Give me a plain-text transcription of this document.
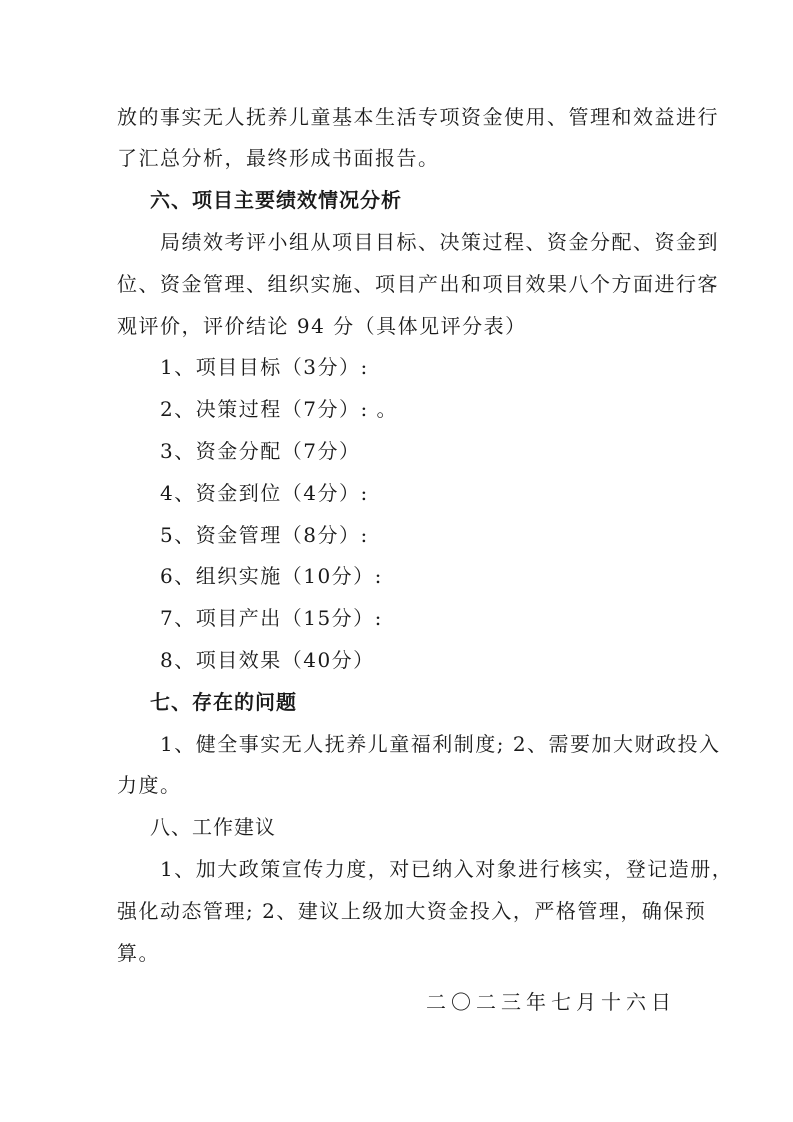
放的事实无人抚养儿童基本生活专项资金使用、管理和效益进行
了汇总分析，最终形成书面报告。
六、项目主要绩效情况分析
局绩效考评小组从项目目标、决策过程、资金分配、资金到
位、资金管理、组织实施、项目产出和项目效果八个方面进行客
观评价，评价结论 94 分（具体见评分表）
1、项目目标（3分）:
2、决策过程（7分）: 。
3、资金分配（7分）
4、资金到位（4分）:
5、资金管理（8分）:
6、组织实施（10分）:
7、项目产出（15分）:
8、项目效果（40分）
七、存在的问题
1、健全事实无人抚养儿童福利制度; 2、需要加大财政投入
力度。
八、工作建议
1、加大政策宣传力度，对已纳入对象进行核实，登记造册，
强化动态管理; 2、建议上级加大资金投入，严格管理，确保预
算。
二〇二三年七月十六日
